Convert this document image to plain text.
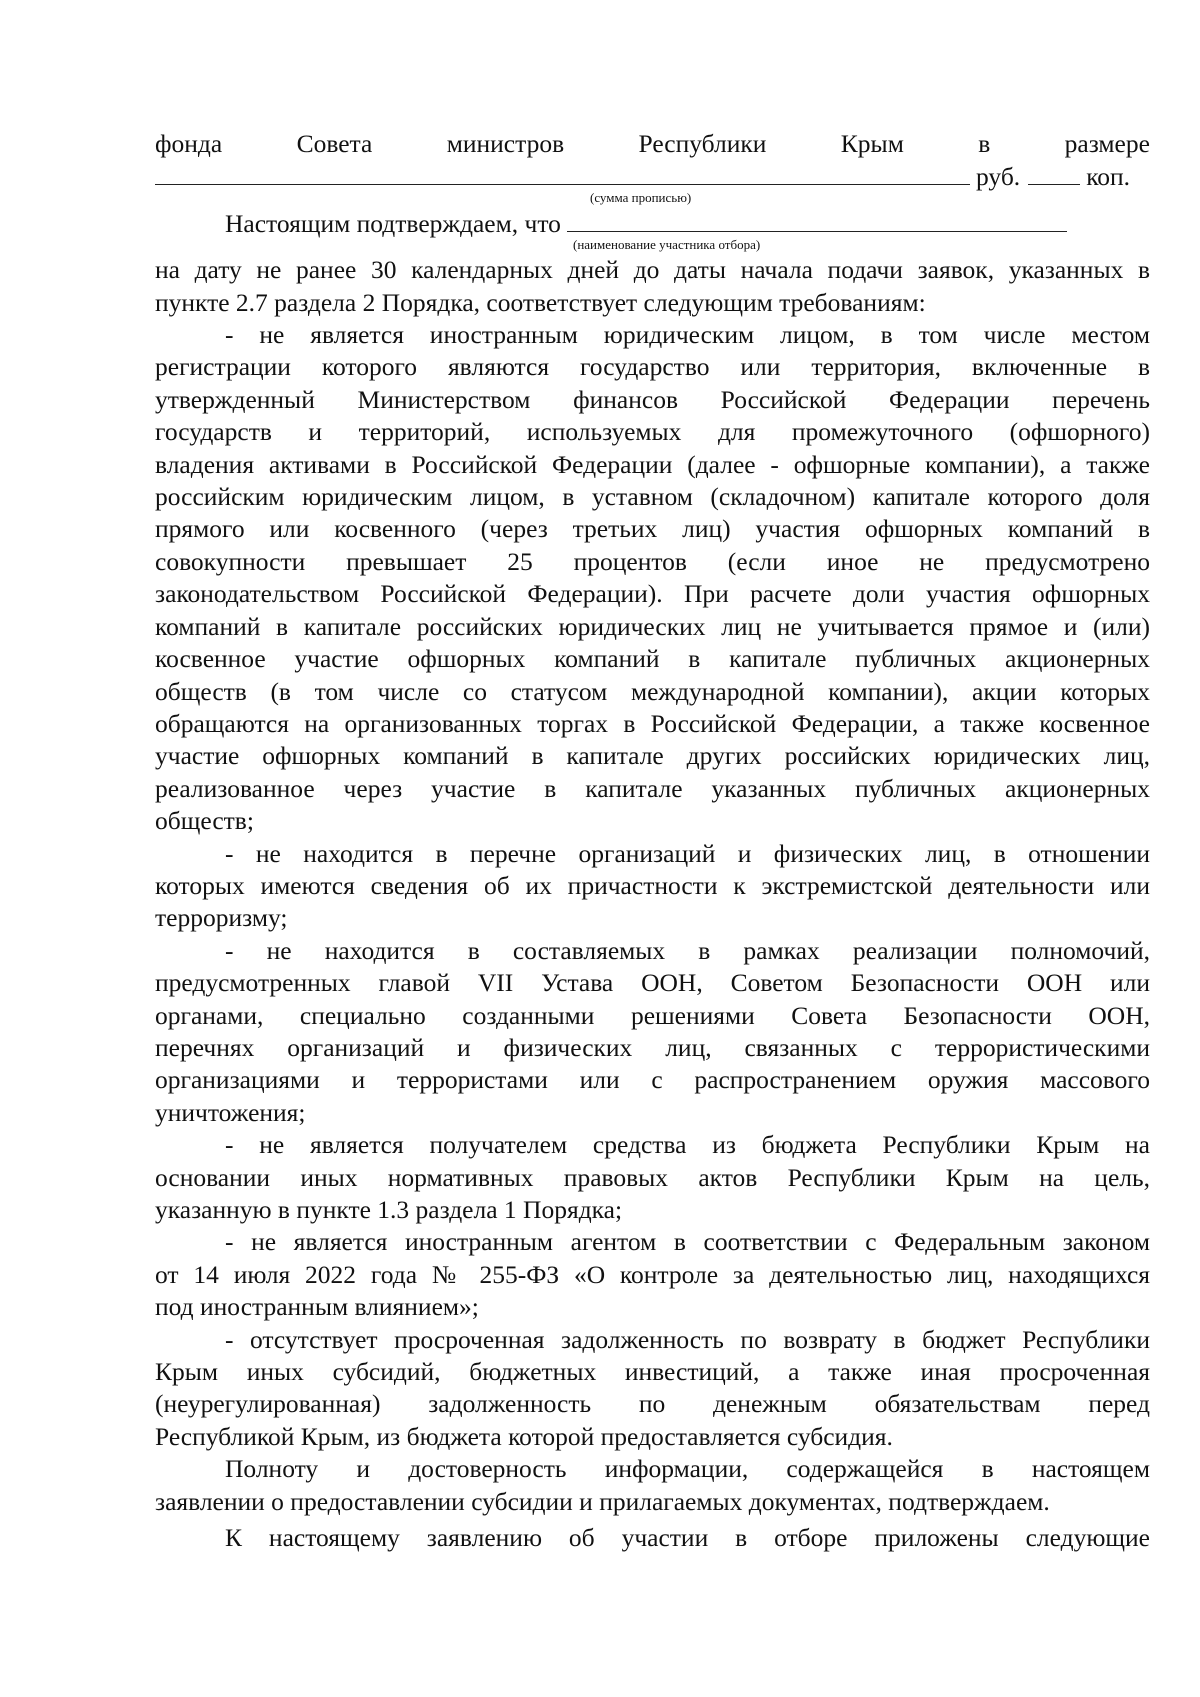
фонда	Совета	министров	Республики	Крым	в	размере
руб.	коп.
(сумма прописью)
Настоящим подтверждаем, что
(наименование участника отбора)
на дату не ранее 30 календарных дней до даты начала подачи заявок, указанных в
пункте 2.7 раздела 2 Порядка, соответствует следующим требованиям:
- не является иностранным юридическим лицом, в том числе местом
регистрации которого являются государство или территория, включенные в
утвержденный Министерством финансов Российской Федерации перечень
государств и территорий, используемых для промежуточного (офшорного)
владения активами в Российской Федерации (далее - офшорные компании), а также
российским юридическим лицом, в уставном (складочном) капитале которого доля
прямого или косвенного (через третьих лиц) участия офшорных компаний в
совокупности превышает 25 процентов (если иное не предусмотрено
законодательством Российской Федерации). При расчете доли участия офшорных
компаний в капитале российских юридических лиц не учитывается прямое и (или)
косвенное участие офшорных компаний в капитале публичных акционерных
обществ (в том числе со статусом международной компании), акции которых
обращаются на организованных торгах в Российской Федерации, а также косвенное
участие офшорных компаний в капитале других российских юридических лиц,
реализованное через участие в капитале указанных публичных акционерных
обществ;
- не находится в перечне организаций и физических лиц, в отношении
которых имеются сведения об их причастности к экстремистской деятельности или
терроризму;
- не находится в составляемых в рамках реализации полномочий,
предусмотренных главой VII Устава ООН, Советом Безопасности ООН или
органами, специально созданными решениями Совета Безопасности ООН,
перечнях организаций и физических лиц, связанных с террористическими
организациями и террористами или с распространением оружия массового
уничтожения;
- не является получателем средства из бюджета Республики Крым на
основании иных нормативных правовых актов Республики Крым на цель,
указанную в пункте 1.3 раздела 1 Порядка;
- не является иностранным агентом в соответствии с Федеральным законом
от 14 июля 2022 года № 255-ФЗ «О контроле за деятельностью лиц, находящихся
под иностранным влиянием»;
- отсутствует просроченная задолженность по возврату в бюджет Республики
Крым иных субсидий, бюджетных инвестиций, а также иная просроченная
(неурегулированная) задолженность по денежным обязательствам перед
Республикой Крым, из бюджета которой предоставляется субсидия.
Полноту и достоверность информации, содержащейся в настоящем
заявлении о предоставлении субсидии и прилагаемых документах, подтверждаем.
К настоящему заявлению об участии в отборе приложены следующие
